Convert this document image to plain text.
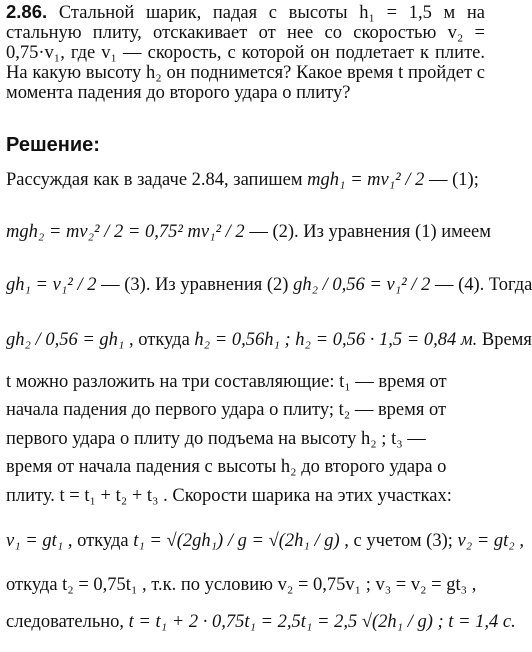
2.86. Стальной шарик, падая с высоты h₁ = 1,5 м на стальную плиту, отскакивает от нее со скоростью v₂ = 0,75·v₁, где v₁ — скорость, с которой он подлетает к плите. На какую высоту h₂ он поднимется? Какое время t пройдет с момента падения до второго удара о плиту?
Решение:
Рассуждая как в задаче 2.84, запишем mgh₁ = mv₁² / 2 — (1);
mgh₂ = mv₂² / 2 = 0,75² mv₁² / 2 — (2). Из уравнения (1) имеем
gh₁ = v₁² / 2 — (3). Из уравнения (2) gh₂ / 0,56 = v₁² / 2 — (4). Тогда
gh₂ / 0,56 = gh₁ , откуда h₂ = 0,56h₁ ; h₂ = 0,56 · 1,5 = 0,84 м. Время
t можно разложить на три составляющие: t₁ — время от
начала падения до первого удара о плиту; t₂ — время от
первого удара о плиту до подъема на высоту h₂ ; t₃ —
время от начала падения с высоты h₂ до второго удара о
плиту. t = t₁ + t₂ + t₃ . Скорости шарика на этих участках:
v₁ = gt₁ , откуда t₁ = √(2gh₁) / g = √(2h₁ / g) , с учетом (3); v₂ = gt₂ ,
откуда t₂ = 0,75t₁ , т.к. по условию v₂ = 0,75v₁ ; v₃ = v₂ = gt₃ ,
следовательно, t = t₁ + 2 · 0,75t₁ = 2,5t₁ = 2,5 √(2h₁ / g) ; t = 1,4 с.
